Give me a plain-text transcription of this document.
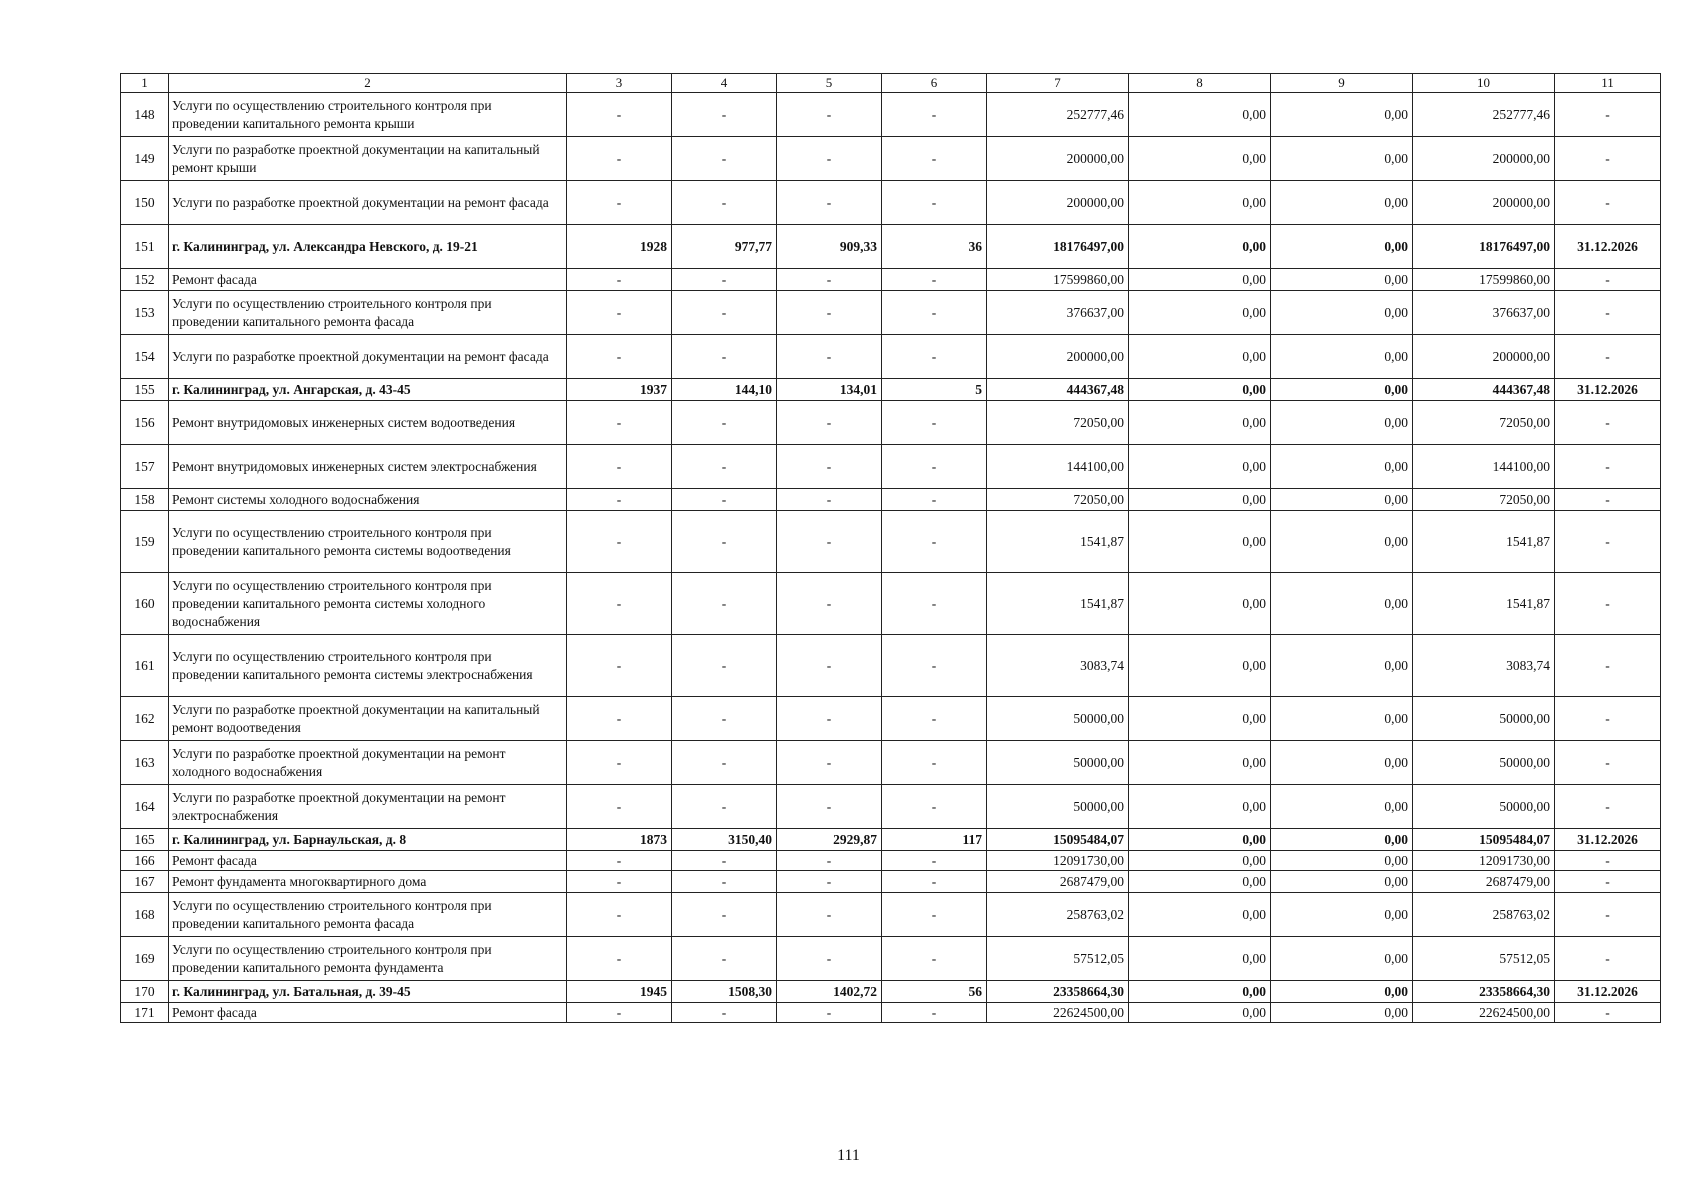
1	2	3	4	5	6	7	8	9	10	11
148	Услуги по осуществлению строительного контроля при проведении капитального ремонта крыши	-	-	-	-	252777,46	0,00	0,00	252777,46	-
149	Услуги по разработке проектной документации на капитальный ремонт крыши	-	-	-	-	200000,00	0,00	0,00	200000,00	-
150	Услуги по разработке проектной документации на ремонт фасада	-	-	-	-	200000,00	0,00	0,00	200000,00	-
151	г. Калининград, ул. Александра Невского, д. 19-21	1928	977,77	909,33	36	18176497,00	0,00	0,00	18176497,00	31.12.2026
152	Ремонт фасада	-	-	-	-	17599860,00	0,00	0,00	17599860,00	-
153	Услуги по осуществлению строительного контроля при проведении капитального ремонта фасада	-	-	-	-	376637,00	0,00	0,00	376637,00	-
154	Услуги по разработке проектной документации на ремонт фасада	-	-	-	-	200000,00	0,00	0,00	200000,00	-
155	г. Калининград, ул. Ангарская, д. 43-45	1937	144,10	134,01	5	444367,48	0,00	0,00	444367,48	31.12.2026
156	Ремонт внутридомовых инженерных систем водоотведения	-	-	-	-	72050,00	0,00	0,00	72050,00	-
157	Ремонт внутридомовых инженерных систем электроснабжения	-	-	-	-	144100,00	0,00	0,00	144100,00	-
158	Ремонт системы холодного водоснабжения	-	-	-	-	72050,00	0,00	0,00	72050,00	-
159	Услуги по осуществлению строительного контроля при проведении капитального ремонта системы водоотведения	-	-	-	-	1541,87	0,00	0,00	1541,87	-
160	Услуги по осуществлению строительного контроля при проведении капитального ремонта системы холодного водоснабжения	-	-	-	-	1541,87	0,00	0,00	1541,87	-
161	Услуги по осуществлению строительного контроля при проведении капитального ремонта системы электроснабжения	-	-	-	-	3083,74	0,00	0,00	3083,74	-
162	Услуги по разработке проектной документации на капитальный ремонт водоотведения	-	-	-	-	50000,00	0,00	0,00	50000,00	-
163	Услуги по разработке проектной документации на ремонт холодного водоснабжения	-	-	-	-	50000,00	0,00	0,00	50000,00	-
164	Услуги по разработке проектной документации на ремонт электроснабжения	-	-	-	-	50000,00	0,00	0,00	50000,00	-
165	г. Калининград, ул. Барнаульская, д. 8	1873	3150,40	2929,87	117	15095484,07	0,00	0,00	15095484,07	31.12.2026
166	Ремонт фасада	-	-	-	-	12091730,00	0,00	0,00	12091730,00	-
167	Ремонт фундамента многоквартирного дома	-	-	-	-	2687479,00	0,00	0,00	2687479,00	-
168	Услуги по осуществлению строительного контроля при проведении капитального ремонта фасада	-	-	-	-	258763,02	0,00	0,00	258763,02	-
169	Услуги по осуществлению строительного контроля при проведении капитального ремонта фундамента	-	-	-	-	57512,05	0,00	0,00	57512,05	-
170	г. Калининград, ул. Батальная, д. 39-45	1945	1508,30	1402,72	56	23358664,30	0,00	0,00	23358664,30	31.12.2026
171	Ремонт фасада	-	-	-	-	22624500,00	0,00	0,00	22624500,00	-
111
